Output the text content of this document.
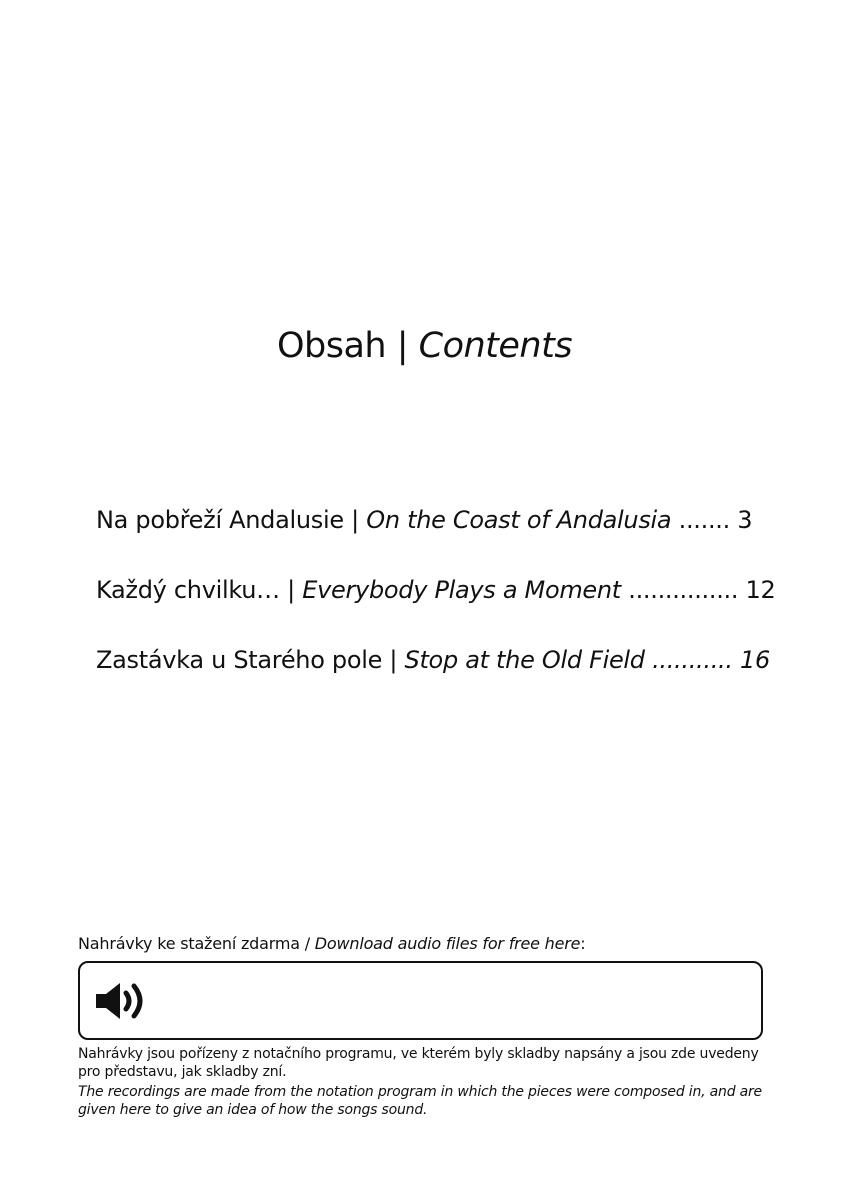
Obsah | Contents
Na pobřeží Andalusie | On the Coast of Andalusia ....... 3
Každý chvilku… | Everybody Plays a Moment ............... 12
Zastávka u Starého pole | Stop at the Old Field ........... 16
Nahrávky ke stažení zdarma / Download audio files for free here:
Nahrávky jsou pořízeny z notačního programu, ve kterém byly skladby napsány a jsou zde uvedeny pro představu, jak skladby zní.
The recordings are made from the notation program in which the pieces were composed in, and are given here to give an idea of how the songs sound.
